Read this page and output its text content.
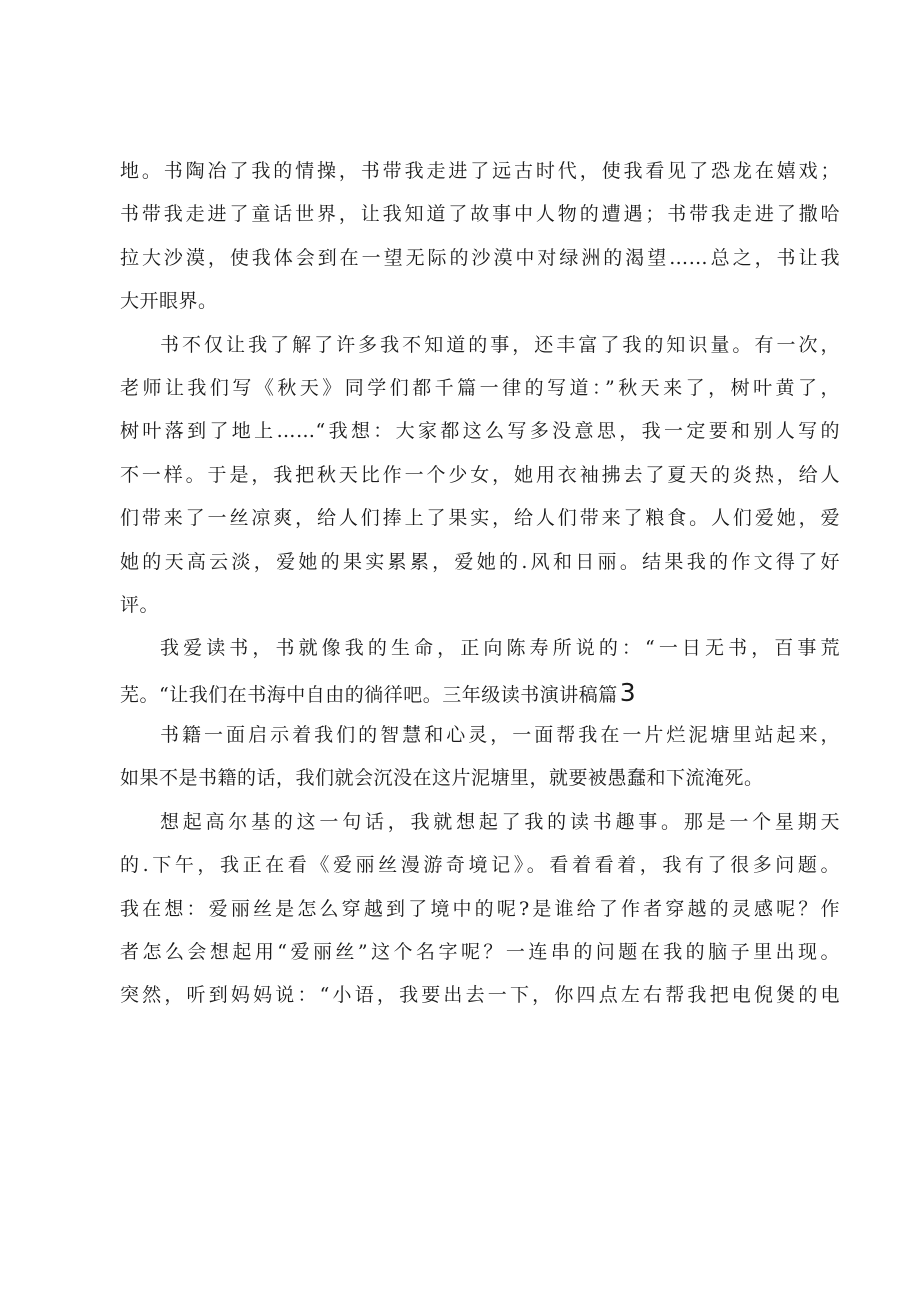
地。书陶冶了我的情操，书带我走进了远古时代，使我看见了恐龙在嬉戏；
书带我走进了童话世界，让我知道了故事中人物的遭遇；书带我走进了撒哈
拉大沙漠，使我体会到在一望无际的沙漠中对绿洲的渴望……总之，书让我
大开眼界。
书不仅让我了解了许多我不知道的事，还丰富了我的知识量。有一次，
老师让我们写《秋天》同学们都千篇一律的写道：”秋天来了，树叶黄了，
树叶落到了地上……“我想：大家都这么写多没意思，我一定要和别人写的
不一样。于是，我把秋天比作一个少女，她用衣袖拂去了夏天的炎热，给人
们带来了一丝凉爽，给人们捧上了果实，给人们带来了粮食。人们爱她，爱
她的天高云淡，爱她的果实累累，爱她的.风和日丽。结果我的作文得了好
评。
我爱读书，书就像我的生命，正向陈寿所说的：“一日无书，百事荒
芜。“让我们在书海中自由的徜徉吧。三年级读书演讲稿篇3
书籍一面启示着我们的智慧和心灵，一面帮我在一片烂泥塘里站起来，
如果不是书籍的话，我们就会沉没在这片泥塘里，就要被愚蠢和下流淹死。
想起高尔基的这一句话，我就想起了我的读书趣事。那是一个星期天
的.下午，我正在看《爱丽丝漫游奇境记》。看着看着，我有了很多问题。
我在想：爱丽丝是怎么穿越到了境中的呢?是谁给了作者穿越的灵感呢？作
者怎么会想起用“爱丽丝”这个名字呢？一连串的问题在我的脑子里出现。
突然，听到妈妈说：“小语，我要出去一下，你四点左右帮我把电倪煲的电
